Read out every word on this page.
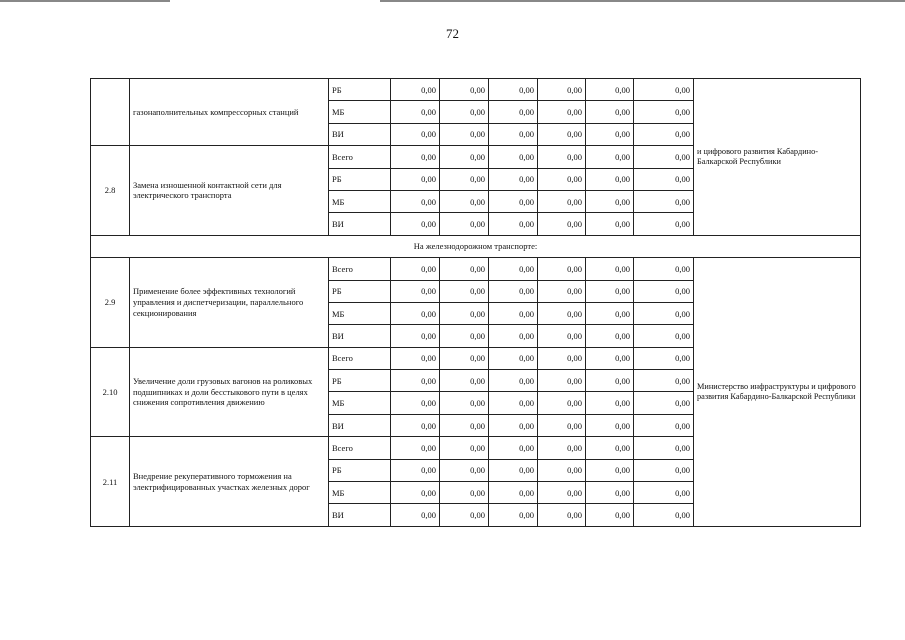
72
	газонаполнительных компрессорных станций	РБ	0,00	0,00	0,00	0,00	0,00	0,00	и цифрового развития Кабардино-Балкарской Республики
		МБ	0,00	0,00	0,00	0,00	0,00	0,00	
		ВИ	0,00	0,00	0,00	0,00	0,00	0,00	
2.8	Замена изношенной контактной сети для электрического транспорта	Всего	0,00	0,00	0,00	0,00	0,00	0,00	
		РБ	0,00	0,00	0,00	0,00	0,00	0,00	
		МБ	0,00	0,00	0,00	0,00	0,00	0,00	
		ВИ	0,00	0,00	0,00	0,00	0,00	0,00	
На железнодорожном транспорте:									
2.9	Применение более эффективных технологий управления и диспетчеризации, параллельного секционирования	Всего	0,00	0,00	0,00	0,00	0,00	0,00	Министерство инфраструктуры и цифрового развития Кабардино-Балкарской Республики
		РБ	0,00	0,00	0,00	0,00	0,00	0,00	
		МБ	0,00	0,00	0,00	0,00	0,00	0,00	
		ВИ	0,00	0,00	0,00	0,00	0,00	0,00	
2.10	Увеличение доли грузовых вагонов на роликовых подшипниках и доли бесстыкового пути в целях снижения сопротивления движению	Всего	0,00	0,00	0,00	0,00	0,00	0,00	
		РБ	0,00	0,00	0,00	0,00	0,00	0,00	
		МБ	0,00	0,00	0,00	0,00	0,00	0,00	
		ВИ	0,00	0,00	0,00	0,00	0,00	0,00	
2.11	Внедрение рекуперативного торможения на электрифицированных участках железных дорог	Всего	0,00	0,00	0,00	0,00	0,00	0,00	
		РБ	0,00	0,00	0,00	0,00	0,00	0,00	
		МБ	0,00	0,00	0,00	0,00	0,00	0,00	
		ВИ	0,00	0,00	0,00	0,00	0,00	0,00	
